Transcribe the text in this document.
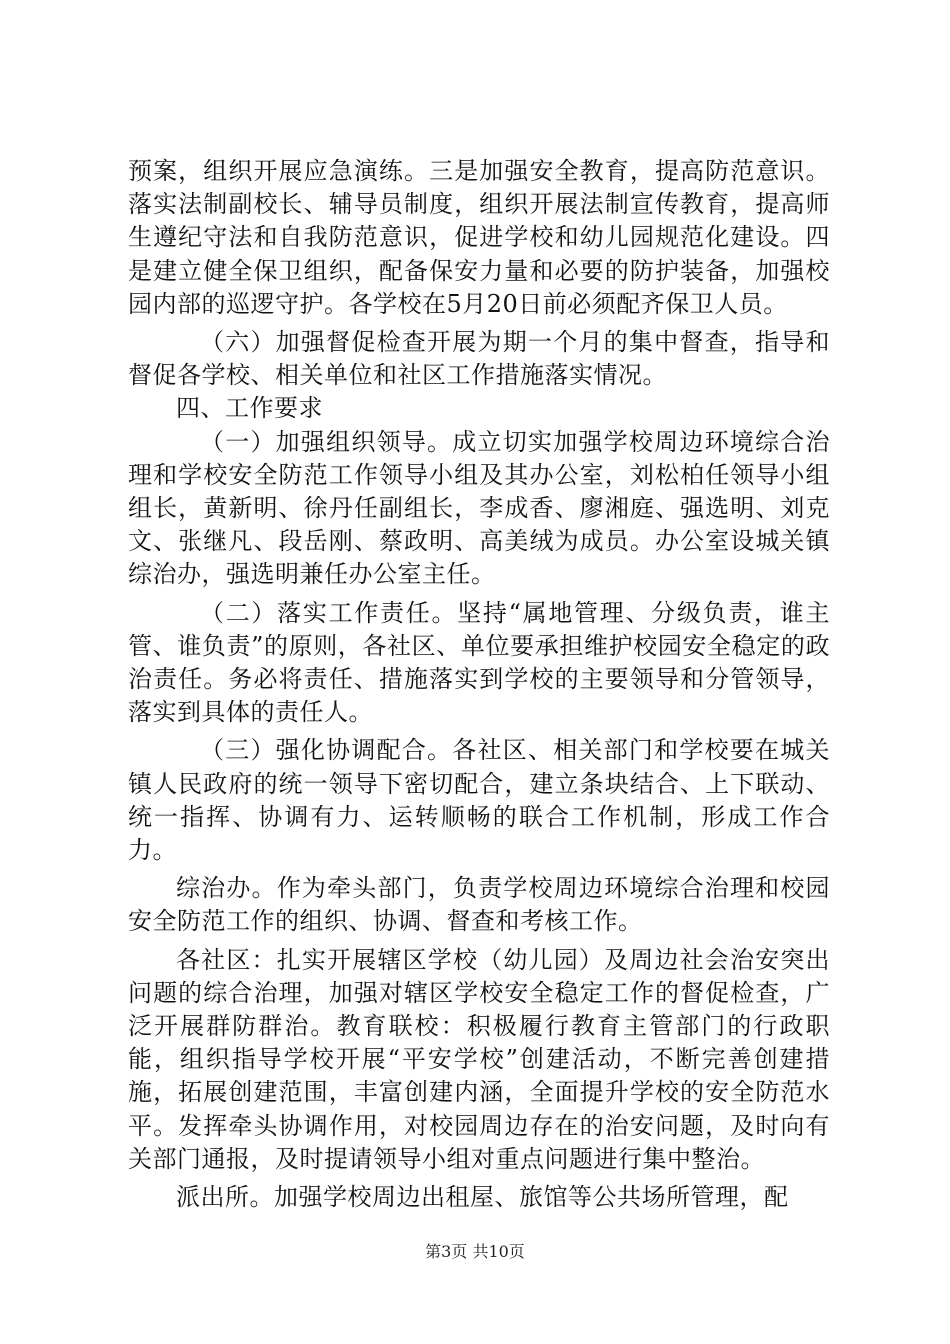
预案，组织开展应急演练。三是加强安全教育，提高防范意识。落实法制副校长、辅导员制度，组织开展法制宣传教育，提高师生遵纪守法和自我防范意识，促进学校和幼儿园规范化建设。四是建立健全保卫组织，配备保安力量和必要的防护装备，加强校园内部的巡逻守护。各学校在5月20日前必须配齐保卫人员。

（六）加强督促检查开展为期一个月的集中督查，指导和督促各学校、相关单位和社区工作措施落实情况。

四、工作要求

（一）加强组织领导。成立切实加强学校周边环境综合治理和学校安全防范工作领导小组及其办公室，刘松柏任领导小组组长，黄新明、徐丹任副组长，李成香、廖湘庭、强选明、刘克文、张继凡、段岳刚、蔡政明、高美绒为成员。办公室设城关镇综治办，强选明兼任办公室主任。

（二）落实工作责任。坚持“属地管理、分级负责，谁主管、谁负责”的原则，各社区、单位要承担维护校园安全稳定的政治责任。务必将责任、措施落实到学校的主要领导和分管领导，落实到具体的责任人。

（三）强化协调配合。各社区、相关部门和学校要在城关镇人民政府的统一领导下密切配合，建立条块结合、上下联动、统一指挥、协调有力、运转顺畅的联合工作机制，形成工作合力。

综治办。作为牵头部门，负责学校周边环境综合治理和校园安全防范工作的组织、协调、督查和考核工作。

各社区：扎实开展辖区学校（幼儿园）及周边社会治安突出问题的综合治理，加强对辖区学校安全稳定工作的督促检查，广泛开展群防群治。教育联校：积极履行教育主管部门的行政职能，组织指导学校开展“平安学校”创建活动，不断完善创建措施，拓展创建范围，丰富创建内涵，全面提升学校的安全防范水平。发挥牵头协调作用，对校园周边存在的治安问题，及时向有关部门通报，及时提请领导小组对重点问题进行集中整治。

派出所。加强学校周边出租屋、旅馆等公共场所管理，配

第3页 共10页
